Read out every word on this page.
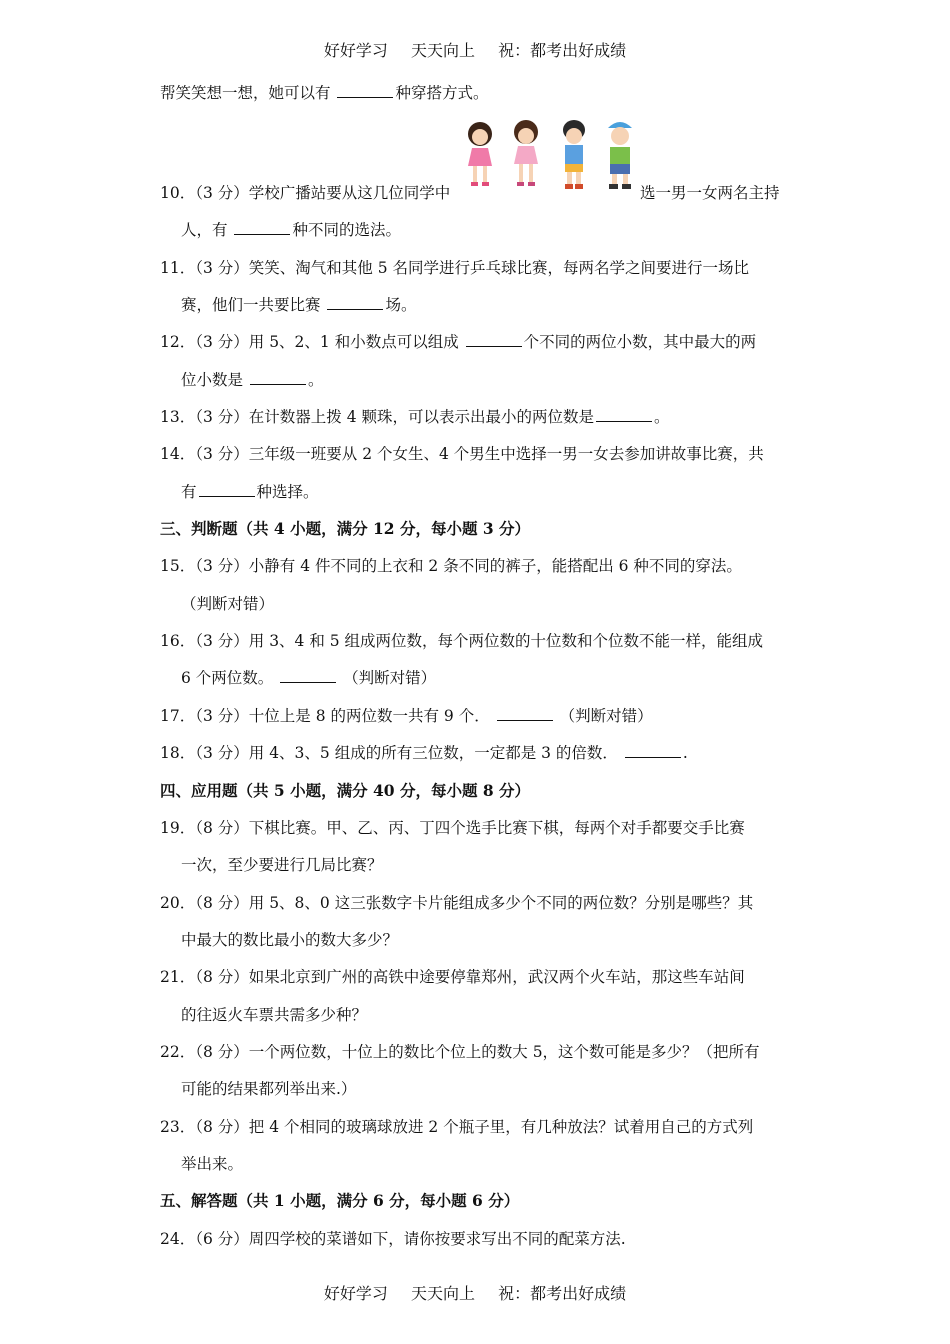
好好学习 天天向上 祝：都考出好成绩
帮笑笑想一想，她可以有	种穿搭方式。
10．（3 分）学校广播站要从这几位同学中	选一男一女两名主持
人，有	种不同的选法。
11．（3 分）笑笑、淘气和其他 5 名同学进行乒乓球比赛，每两名学之间要进行一场比
赛，他们一共要比赛	场。
12．（3 分）用 5、2、1 和小数点可以组成	个不同的两位小数，其中最大的两
位小数是	。
13．（3 分）在计数器上拨 4 颗珠，可以表示出最小的两位数是	。
14．（3 分）三年级一班要从 2 个女生、4 个男生中选择一男一女去参加讲故事比赛，共
有	种选择。
三、判断题（共 4 小题，满分 12 分，每小题 3 分）
15．（3 分）小静有 4 件不同的上衣和 2 条不同的裤子，能搭配出 6 种不同的穿法。
（判断对错）
16．（3 分）用 3、4 和 5 组成两位数，每个两位数的十位数和个位数不能一样，能组成
6 个两位数。	（判断对错）
17．（3 分）十位上是 8 的两位数一共有 9 个．	（判断对错）
18．（3 分）用 4、3、5 组成的所有三位数，一定都是 3 的倍数．	.
四、应用题（共 5 小题，满分 40 分，每小题 8 分）
19．（8 分）下棋比赛。甲、乙、丙、丁四个选手比赛下棋，每两个对手都要交手比赛
一次，至少要进行几局比赛？
20．（8 分）用 5、8、0 这三张数字卡片能组成多少个不同的两位数？分别是哪些？其
中最大的数比最小的数大多少？
21．（8 分）如果北京到广州的高铁中途要停靠郑州，武汉两个火车站，那这些车站间
的往返火车票共需多少种？
22．（8 分）一个两位数，十位上的数比个位上的数大 5，这个数可能是多少？（把所有
可能的结果都列举出来.）
23．（8 分）把 4 个相同的玻璃球放进 2 个瓶子里，有几种放法？试着用自己的方式列
举出来。
五、解答题（共 1 小题，满分 6 分，每小题 6 分）
24．（6 分）周四学校的菜谱如下，请你按要求写出不同的配菜方法.
好好学习 天天向上 祝：都考出好成绩
